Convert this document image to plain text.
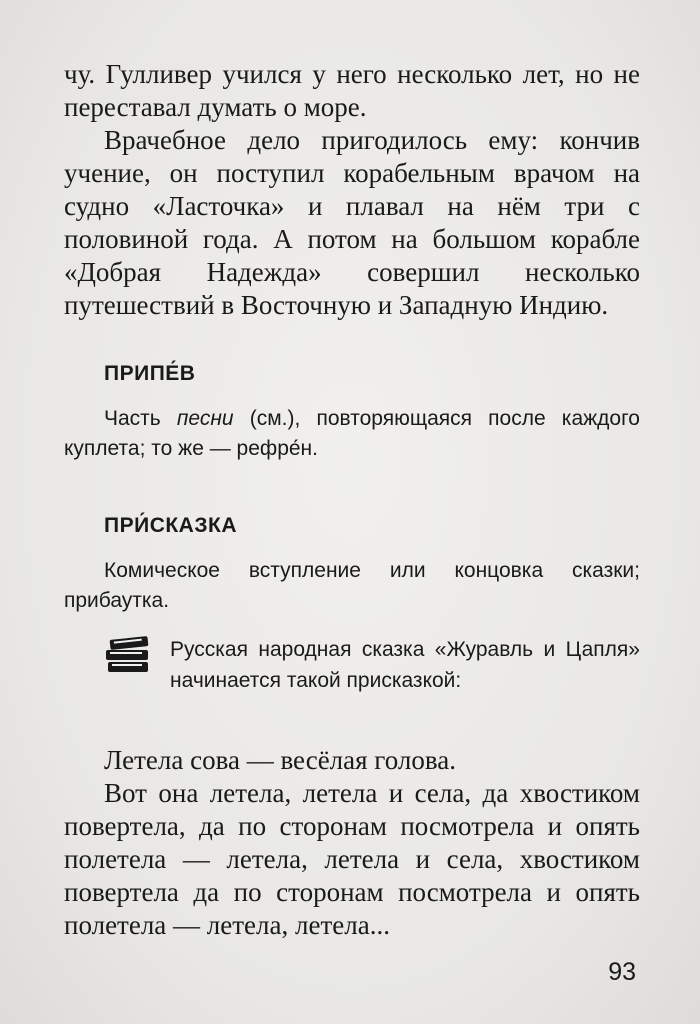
чу. Гулливер учился у него несколько лет, но не переставал думать о море.

Врачебное дело пригодилось ему: кончив учение, он поступил корабельным врачом на судно «Ласточка» и плавал на нём три с половиной года. А потом на большом корабле «Добрая Надежда» совершил несколько путешествий в Восточную и Западную Индию.

ПРИПЕ́В

Часть песни (см.), повторяющаяся после каждого куплета; то же — рефре́н.

ПРИ́СКАЗКА

Комическое вступление или концовка сказки; прибаутка.

Русская народная сказка «Журавль и Цапля» начинается такой присказкой:

Летела сова — весёлая голова.
Вот она летела, летела и села, да хвостиком повертела, да по сторонам посмотрела и опять полетела — летела, летела и села, хвостиком повертела да по сторонам посмотрела и опять полетела — летела, летела...

93
